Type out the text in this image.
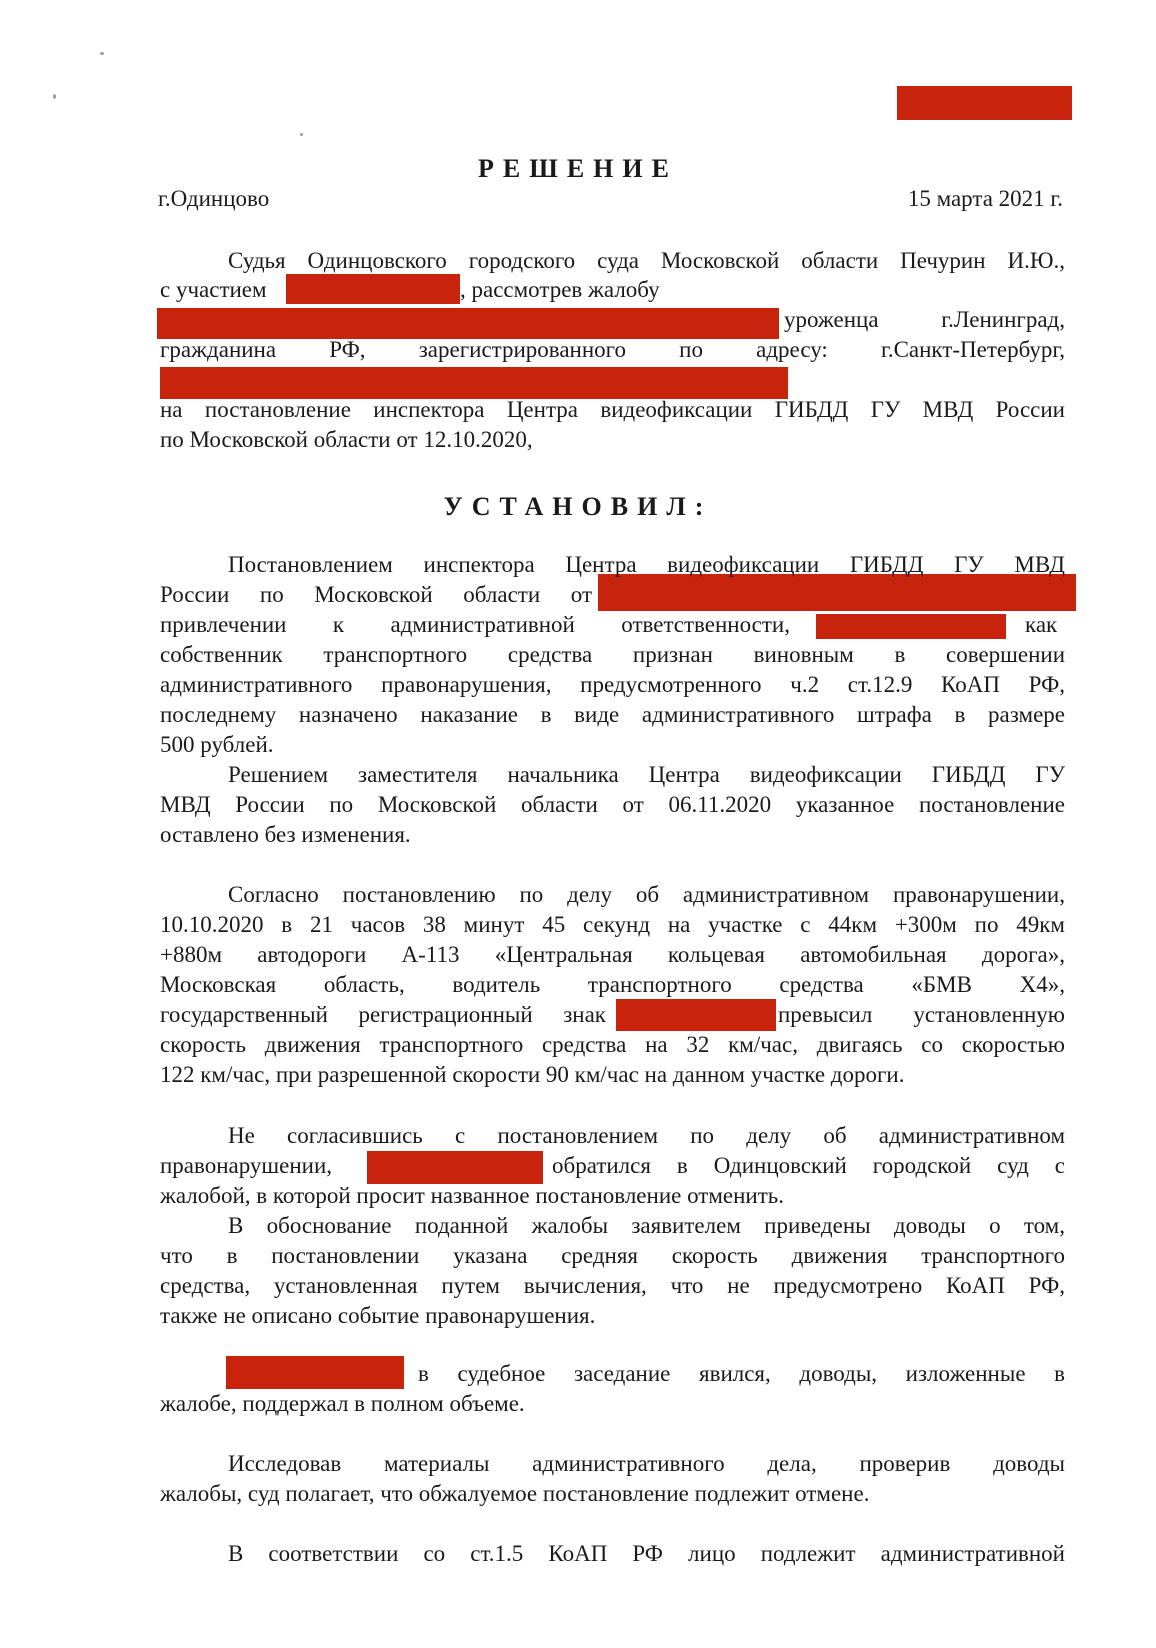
РЕШЕНИЕ
г.Одинцово	15 марта 2021 г.
Судья Одинцовского городского суда Московской области Печурин И.Ю.,
с участием	, рассмотрев жалобу
уроженца г.Ленинград,
гражданина РФ, зарегистрированного по адресу: г.Санкт-Петербург,
на постановление инспектора Центра видеофиксации ГИБДД ГУ МВД России
по Московской области от 12.10.2020,
УСТАНОВИЛ:
Постановлением инспектора Центра видеофиксации ГИБДД ГУ МВД
России по Московской области от
привлечении к административной ответственности,	как
собственник транспортного средства признан виновным в совершении
административного правонарушения, предусмотренного ч.2 ст.12.9 КоАП РФ,
последнему назначено наказание в виде административного штрафа в размере
500 рублей.
Решением заместителя начальника Центра видеофиксации ГИБДД ГУ
МВД России по Московской области от 06.11.2020 указанное постановление
оставлено без изменения.
Согласно постановлению по делу об административном правонарушении,
10.10.2020 в 21 часов 38 минут 45 секунд на участке с 44км +300м по 49км
+880м автодороги А-113 «Центральная кольцевая автомобильная дорога»,
Московская область, водитель транспортного средства «БМВ Х4»,
государственный регистрационный знак	превысил установленную
скорость движения транспортного средства на 32 км/час, двигаясь со скоростью
122 км/час, при разрешенной скорости 90 км/час на данном участке дороги.
Не согласившись с постановлением по делу об административном
правонарушении,	обратился в Одинцовский городской суд с
жалобой, в которой просит названное постановление отменить.
В обоснование поданной жалобы заявителем приведены доводы о том,
что в постановлении указана средняя скорость движения транспортного
средства, установленная путем вычисления, что не предусмотрено КоАП РФ,
также не описано событие правонарушения.
в судебное заседание явился, доводы, изложенные в
жалобе, поддержал в полном объеме.
Исследовав материалы административного дела, проверив доводы
жалобы, суд полагает, что обжалуемое постановление подлежит отмене.
В соответствии со ст.1.5 КоАП РФ лицо подлежит административной
